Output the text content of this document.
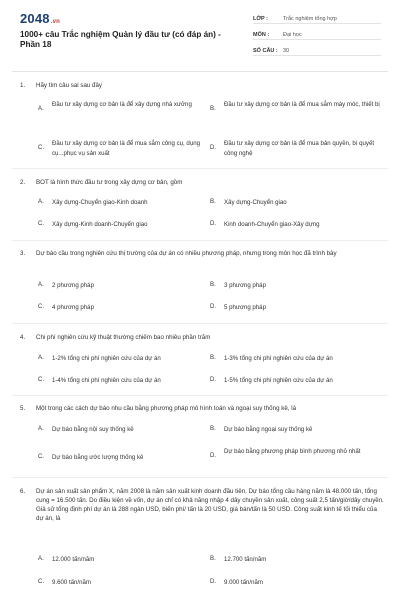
2048.vn
1000+ câu Trắc nghiệm Quản lý đầu tư (có đáp án) - Phần 18
LỚP :	Trắc nghiệm tổng hợp
MÔN :	Đại học
SỐ CÂU : 30
1.	Hãy tìm câu sai sau đây
A.
Đầu tư xây dựng cơ bản là để xây dựng nhà xưởng
B.
Đầu tư xây dựng cơ bản là để mua sắm máy móc, thiết bị
C.
Đầu tư xây dựng cơ bản là để mua sắm công cụ, dụng cụ...phục vụ sản xuất
D.
Đầu tư xây dựng cơ bản là để mua bản quyền, bí quyết công nghệ
2.	BOT là hình thức đầu tư trong xây dựng cơ bản, gồm
A.	Xây dựng-Chuyển giao-Kinh doanh	B.	Xây dựng-Chuyển giao
C.	Xây dựng-Kinh doanh-Chuyển giao	D.	Kinh doanh-Chuyển giao-Xây dựng
3.	Dự báo cầu trong nghiên cứu thị trường của dự án có nhiều phương pháp, nhưng trong môn học đã trình bày
A.	2 phương pháp	B.	3 phương pháp
C.	4 phương pháp	D.	5 phương pháp
4.	Chi phí nghiên cứu kỹ thuật thường chiếm bao nhiêu phần trăm
A.	1-2% tổng chi phí nghiên cứu của dự án	B.	1-3% tổng chi phí nghiên cứu của dự án
C.	1-4% tổng chi phí nghiên cứu của dự án	D.	1-5% tổng chi phí nghiên cứu của dự án
5.	Một trong các cách dự báo nhu cầu bằng phương pháp mô hình toán và ngoại suy thống kê, là
A.	Dự báo bằng nội suy thống kê	B.	Dự báo bằng ngoại suy thống kê
C.	Dự báo bằng ước lượng thống kê	D.
Dự báo bằng phương pháp bình phương nhỏ nhất
6.	Dự án sản xuất sản phẩm X, năm 2008 là năm sản xuất kinh doanh đầu tiên. Dự báo tổng cầu hàng năm là 48.000 tấn, tổng cung = 16.500 tấn. Do điều kiện về vốn, dự án chỉ có khả năng nhập 4 dây chuyền sản xuất, công suất 2,5 tấn/giờ/dây chuyền. Giả sử tổng định phí dự án là 288 ngàn USD, biến phí/ tấn là 20 USD, giá bán/tấn là 50 USD. Công suất kinh tế tối thiểu của dự án, là
A.	12.000 tấn/năm	B.	12.700 tấn/năm
C.	9.600 tấn/năm	D.	9.000 tấn/năm
